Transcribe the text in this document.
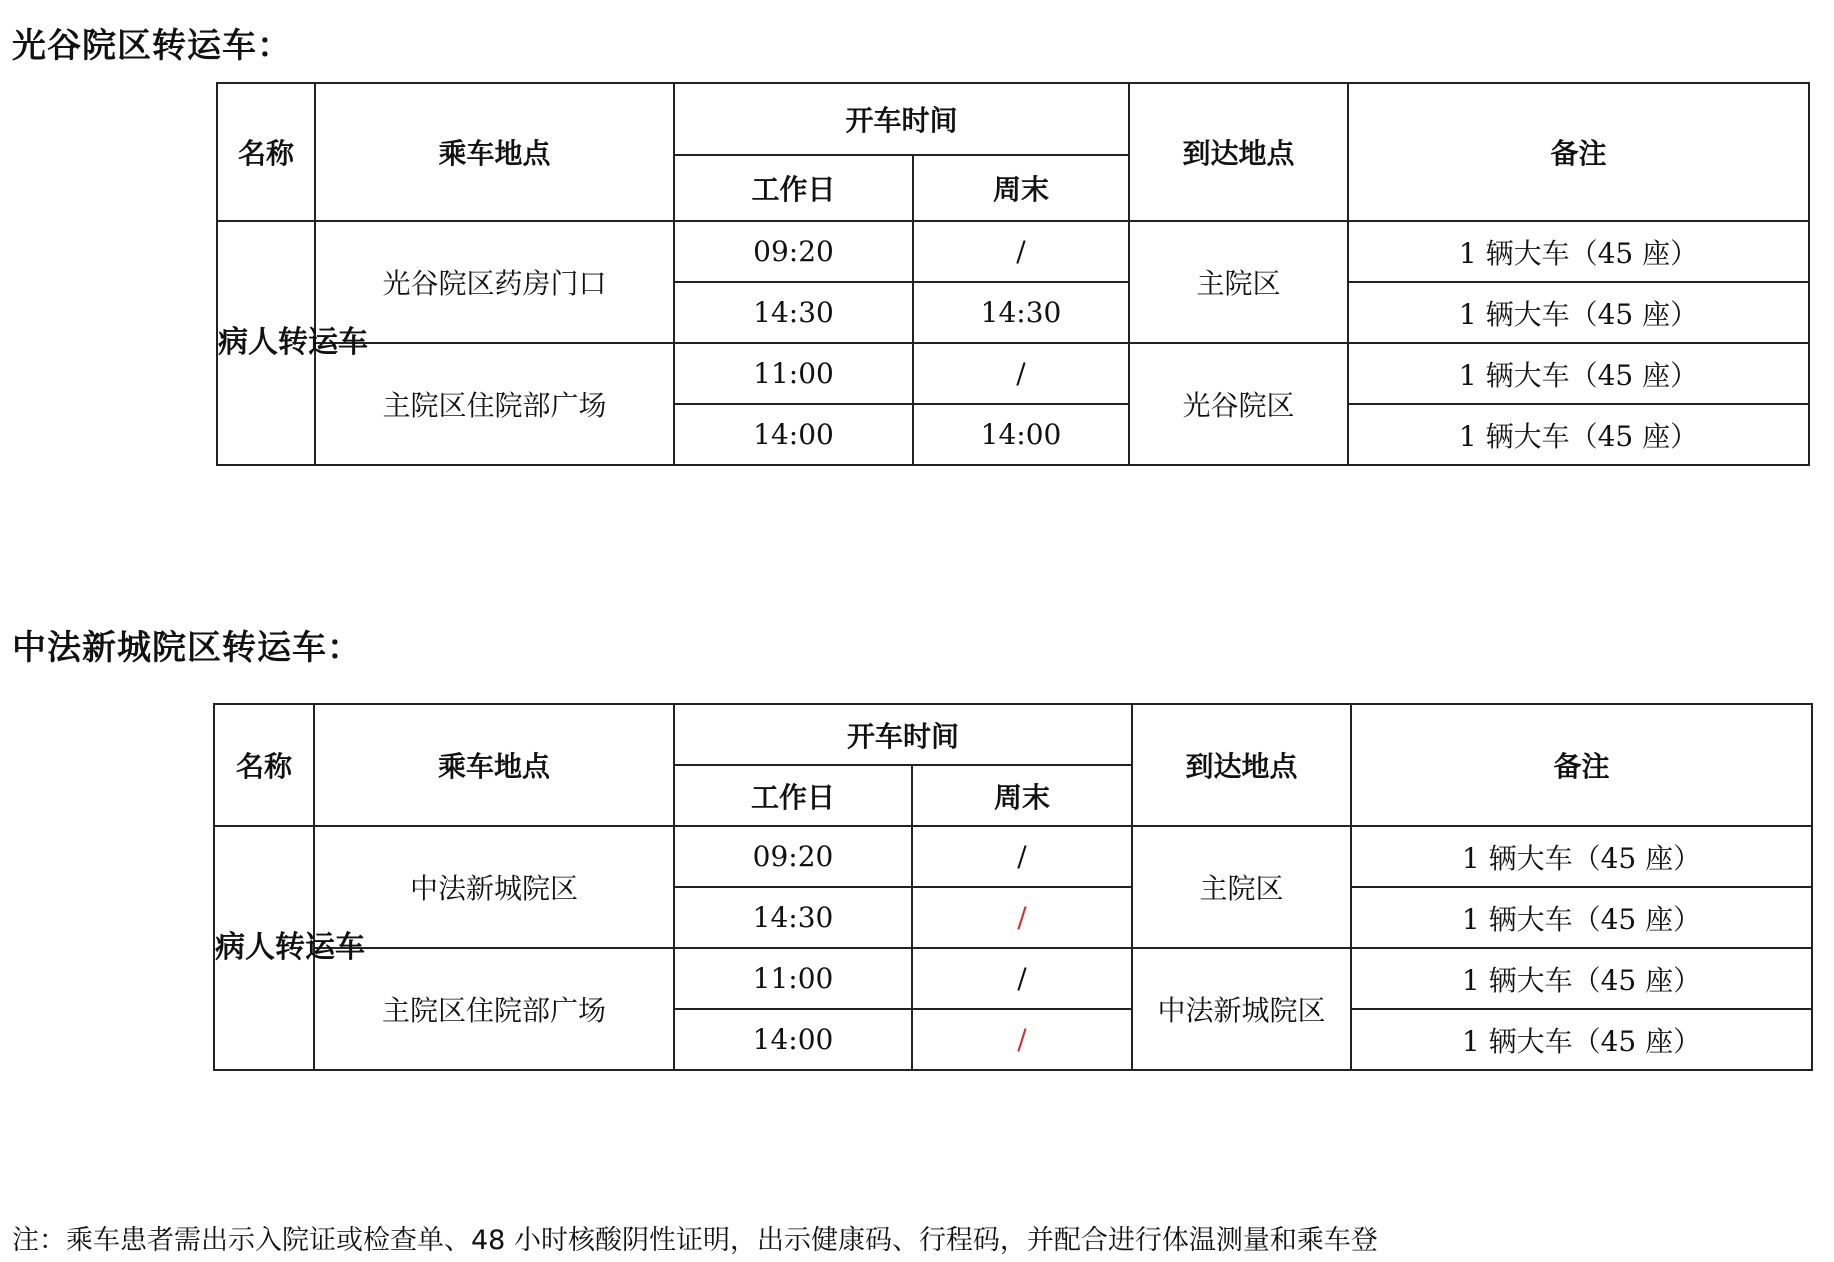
光谷院区转运车：
名称	乘车地点	开车时间		到达地点	备注
		工作日	周末		
病人转运车	光谷院区药房门口	09:20	/	主院区	1 辆大车（45 座）
		14:30	14:30		1 辆大车（45 座）
	主院区住院部广场	11:00	/	光谷院区	1 辆大车（45 座）
		14:00	14:00		1 辆大车（45 座）
中法新城院区转运车：
名称	乘车地点	开车时间		到达地点	备注
		工作日	周末		
病人转运车	中法新城院区	09:20	/	主院区	1 辆大车（45 座）
		14:30	/		1 辆大车（45 座）
	主院区住院部广场	11:00	/	中法新城院区	1 辆大车（45 座）
		14:00	/		1 辆大车（45 座）
注：乘车患者需出示入院证或检查单、48 小时核酸阴性证明，出示健康码、行程码，并配合进行体温测量和乘车登
